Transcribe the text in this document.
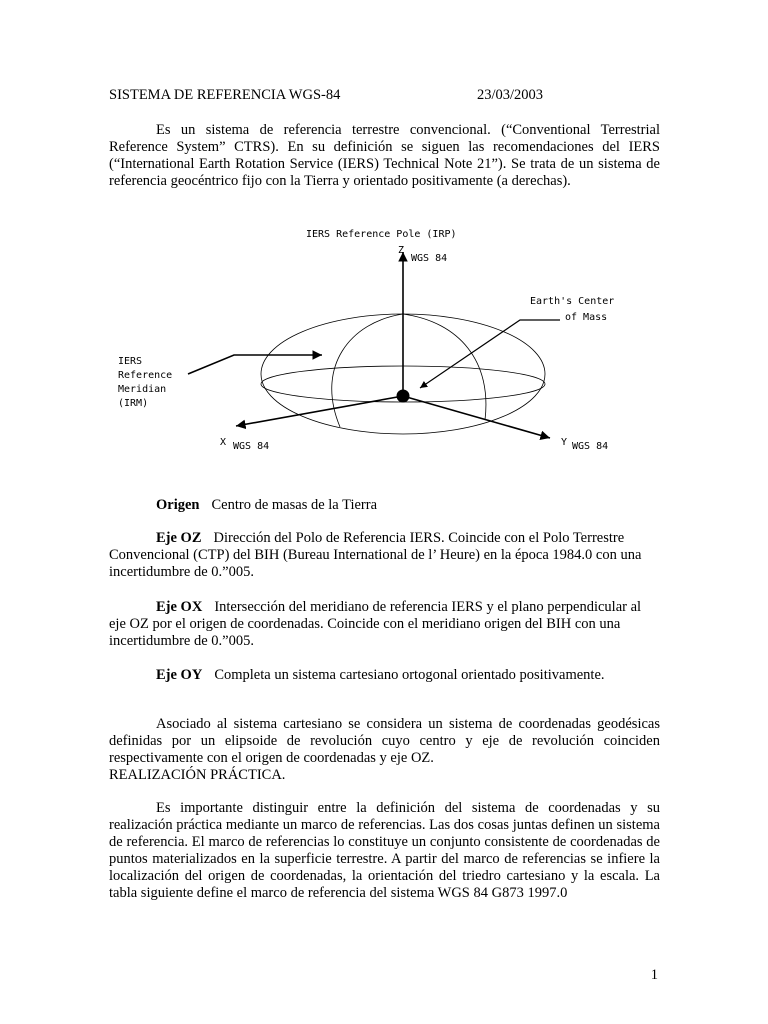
SISTEMA DE REFERENCIA WGS-84	23/03/2003

Es un sistema de referencia terrestre convencional. (“Conventional Terrestrial Reference System” CTRS). En su definición se siguen las recomendaciones del IERS (“International Earth Rotation Service (IERS) Technical Note 21”). Se trata de un sistema de referencia geocéntrico fijo con la Tierra y orientado positivamente (a derechas).

IERS Reference Pole (IRP)
Z
WGS 84
X WGS 84	Y WGS 84
Earth's Center
of Mass
IERS
Reference
Meridian
(IRM)

Origen Centro de masas de la Tierra

Eje OZ Dirección del Polo de Referencia IERS. Coincide con el Polo Terrestre Convencional (CTP) del BIH (Bureau International de l’ Heure) en la época 1984.0 con una incertidumbre de 0.”005.

Eje OX Intersección del meridiano de referencia IERS y el plano perpendicular al eje OZ por el origen de coordenadas. Coincide con el meridiano origen del BIH con una incertidumbre de 0.”005.

Eje OY Completa un sistema cartesiano ortogonal orientado positivamente.

Asociado al sistema cartesiano se considera un sistema de coordenadas geodésicas definidas por un elipsoide de revolución cuyo centro y eje de revolución coinciden respectivamente con el origen de coordenadas y eje OZ.

REALIZACIÓN PRÁCTICA.

Es importante distinguir entre la definición del sistema de coordenadas y su realización práctica mediante un marco de referencias. Las dos cosas juntas definen un sistema de referencia. El marco de referencias lo constituye un conjunto consistente de coordenadas de puntos materializados en la superficie terrestre. A partir del marco de referencias se infiere la localización del origen de coordenadas, la orientación del triedro cartesiano y la escala. La tabla siguiente define el marco de referencia del sistema WGS 84 G873 1997.0

1
